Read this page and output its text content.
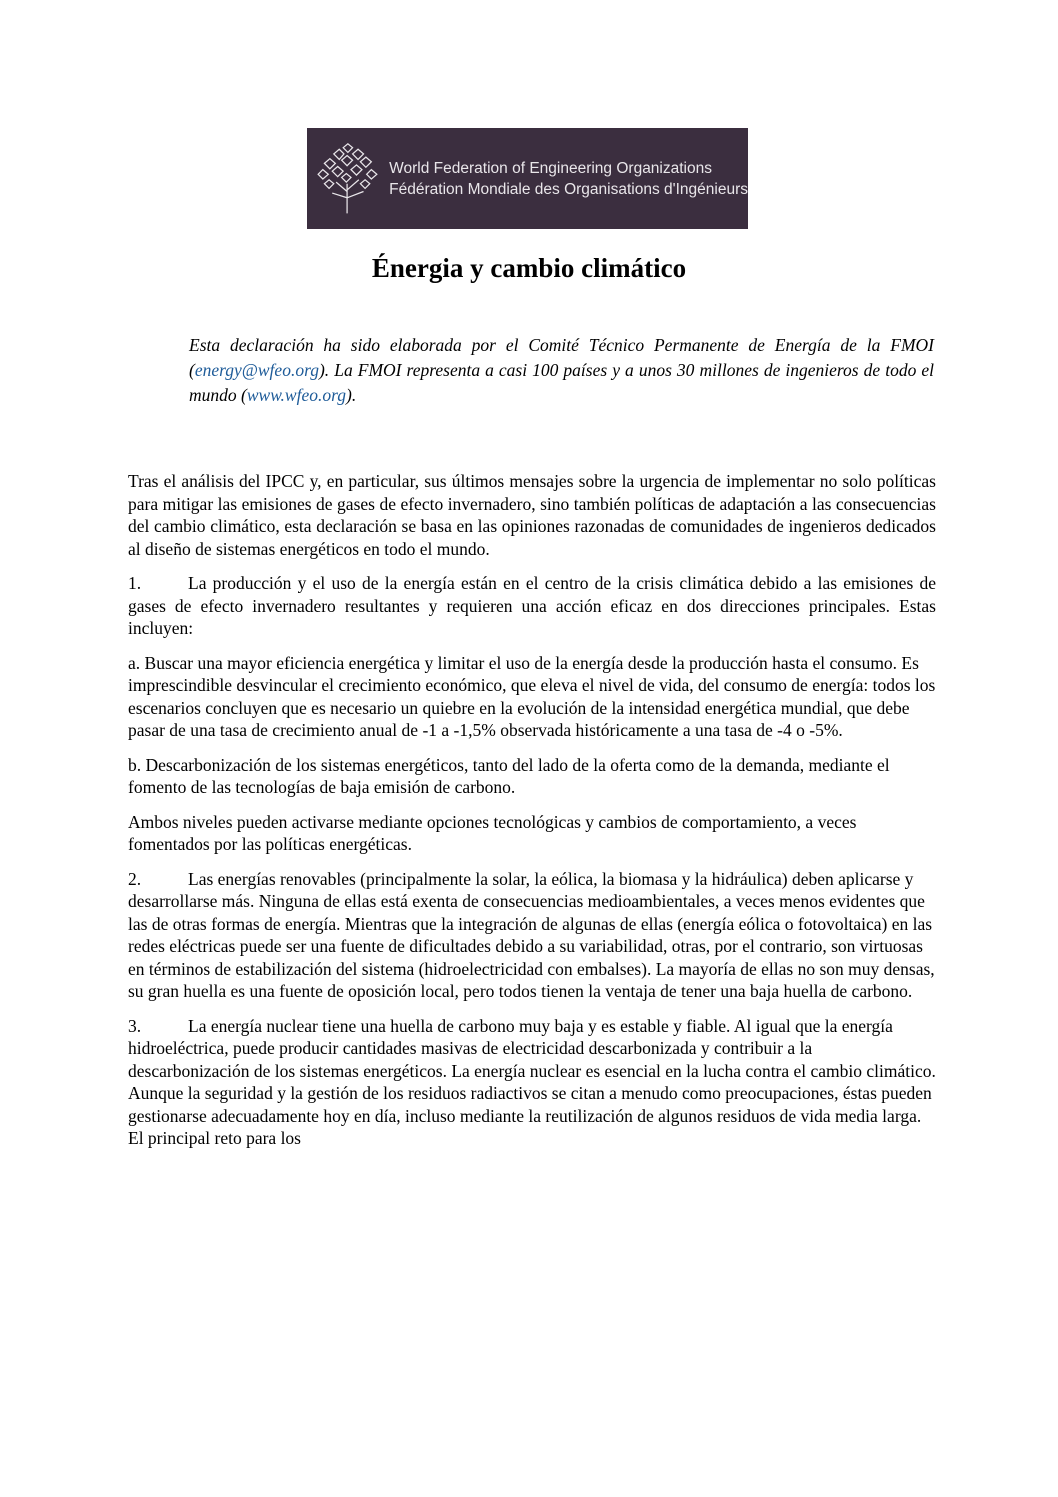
World Federation of Engineering Organizations
Fédération Mondiale des Organisations d'Ingénieurs
Énergia y cambio climático

Esta declaración ha sido elaborada por el Comité Técnico Permanente de Energía de la FMOI (energy@wfeo.org). La FMOI representa a casi 100 países y a unos 30 millones de ingenieros de todo el mundo (www.wfeo.org).

Tras el análisis del IPCC y, en particular, sus últimos mensajes sobre la urgencia de implementar no solo políticas para mitigar las emisiones de gases de efecto invernadero, sino también políticas de adaptación a las consecuencias del cambio climático, esta declaración se basa en las opiniones razonadas de comunidades de ingenieros dedicados al diseño de sistemas energéticos en todo el mundo.

1.	La producción y el uso de la energía están en el centro de la crisis climática debido a las emisiones de gases de efecto invernadero resultantes y requieren una acción eficaz en dos direcciones principales. Estas incluyen:

a. Buscar una mayor eficiencia energética y limitar el uso de la energía desde la producción hasta el consumo. Es imprescindible desvincular el crecimiento económico, que eleva el nivel de vida, del consumo de energía: todos los escenarios concluyen que es necesario un quiebre en la evolución de la intensidad energética mundial, que debe pasar de una tasa de crecimiento anual de -1 a -1,5% observada históricamente a una tasa de -4 o -5%.

b. Descarbonización de los sistemas energéticos, tanto del lado de la oferta como de la demanda, mediante el fomento de las tecnologías de baja emisión de carbono.

Ambos niveles pueden activarse mediante opciones tecnológicas y cambios de comportamiento, a veces fomentados por las políticas energéticas.

2.	Las energías renovables (principalmente la solar, la eólica, la biomasa y la hidráulica) deben aplicarse y desarrollarse más. Ninguna de ellas está exenta de consecuencias medioambientales, a veces menos evidentes que las de otras formas de energía. Mientras que la integración de algunas de ellas (energía eólica o fotovoltaica) en las redes eléctricas puede ser una fuente de dificultades debido a su variabilidad, otras, por el contrario, son virtuosas en términos de estabilización del sistema (hidroelectricidad con embalses). La mayoría de ellas no son muy densas, su gran huella es una fuente de oposición local, pero todos tienen la ventaja de tener una baja huella de carbono.

3.	La energía nuclear tiene una huella de carbono muy baja y es estable y fiable. Al igual que la energía hidroeléctrica, puede producir cantidades masivas de electricidad descarbonizada y contribuir a la descarbonización de los sistemas energéticos. La energía nuclear es esencial en la lucha contra el cambio climático. Aunque la seguridad y la gestión de los residuos radiactivos se citan a menudo como preocupaciones, éstas pueden gestionarse adecuadamente hoy en día, incluso mediante la reutilización de algunos residuos de vida media larga. El principal reto para los
